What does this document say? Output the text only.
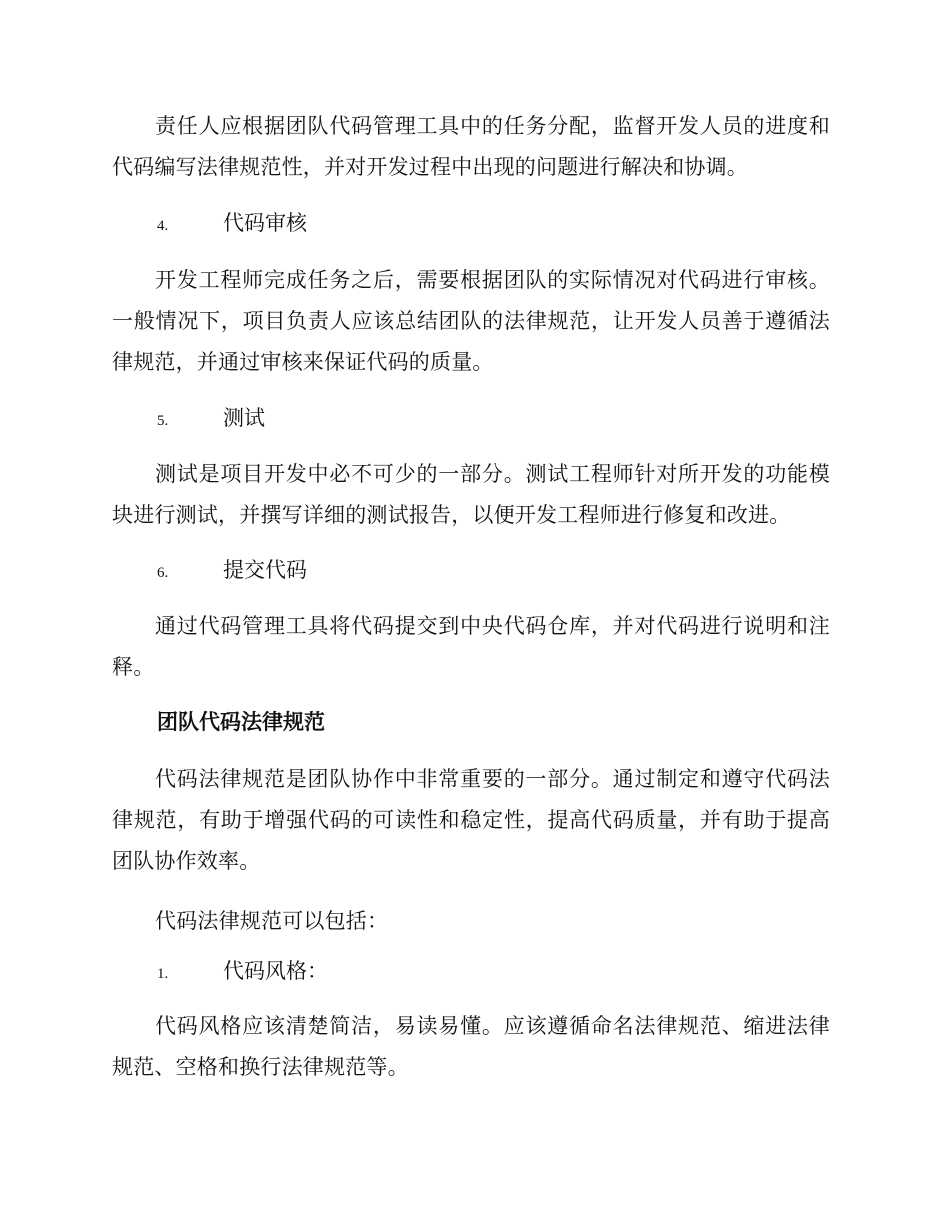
责任人应根据团队代码管理工具中的任务分配，监督开发人员的进度和代码编写法律规范性，并对开发过程中出现的问题进行解决和协调。

4.	代码审核

开发工程师完成任务之后，需要根据团队的实际情况对代码进行审核。一般情况下，项目负责人应该总结团队的法律规范，让开发人员善于遵循法律规范，并通过审核来保证代码的质量。

5.	测试

测试是项目开发中必不可少的一部分。测试工程师针对所开发的功能模块进行测试，并撰写详细的测试报告，以便开发工程师进行修复和改进。

6.	提交代码

通过代码管理工具将代码提交到中央代码仓库，并对代码进行说明和注释。

团队代码法律规范

代码法律规范是团队协作中非常重要的一部分。通过制定和遵守代码法律规范，有助于增强代码的可读性和稳定性，提高代码质量，并有助于提高团队协作效率。

代码法律规范可以包括：

1.	代码风格：

代码风格应该清楚简洁，易读易懂。应该遵循命名法律规范、缩进法律规范、空格和换行法律规范等。
